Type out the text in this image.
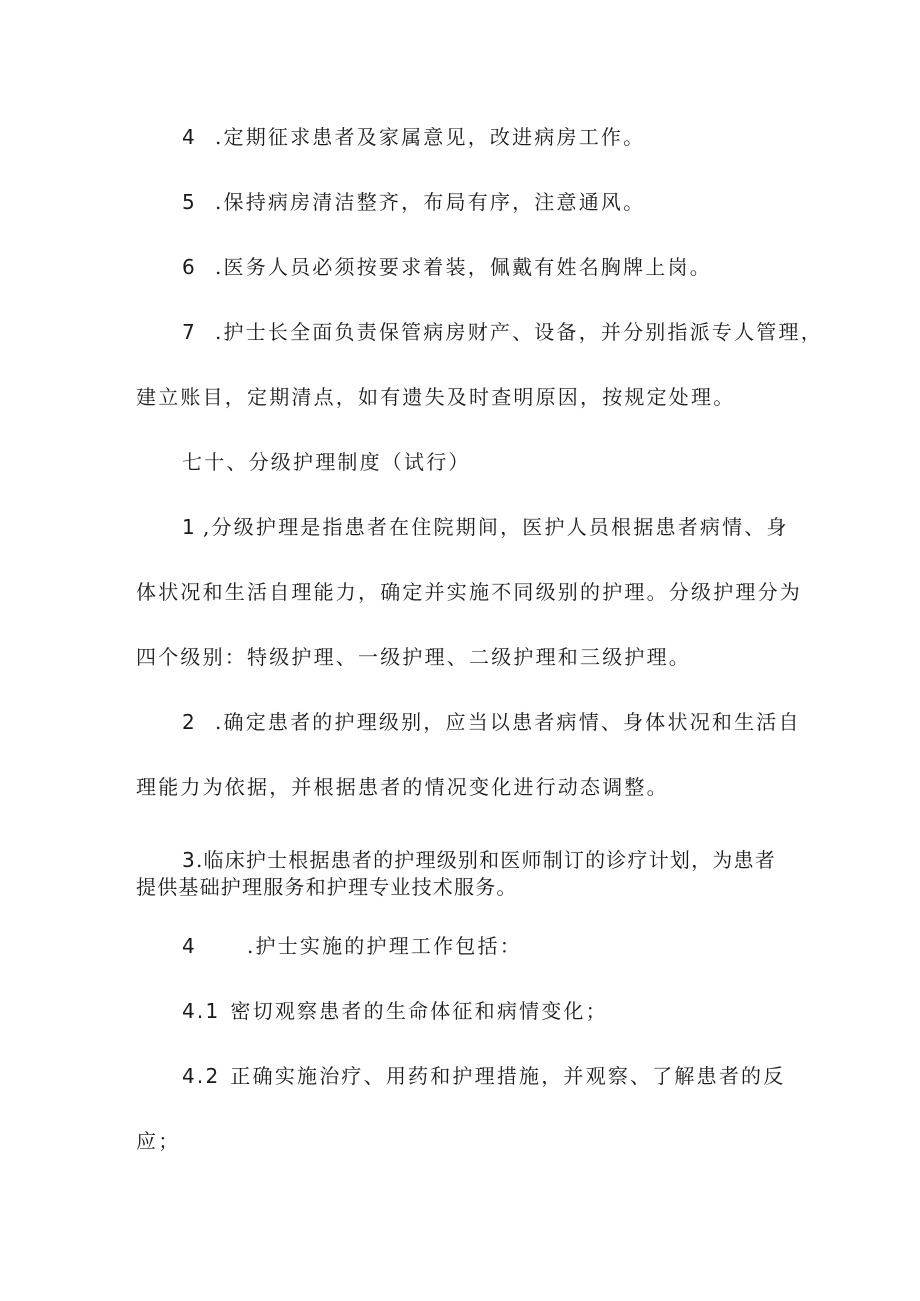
4 .定期征求患者及家属意见，改进病房工作。
5 .保持病房清洁整齐，布局有序，注意通风。
6 .医务人员必须按要求着装，佩戴有姓名胸牌上岗。
7 .护士长全面负责保管病房财产、设备，并分别指派专人管理，
建立账目，定期清点，如有遗失及时查明原因，按规定处理。
七十、分级护理制度（试行）
1 ,分级护理是指患者在住院期间，医护人员根据患者病情、身
体状况和生活自理能力，确定并实施不同级别的护理。分级护理分为
四个级别：特级护理、一级护理、二级护理和三级护理。
2 .确定患者的护理级别，应当以患者病情、身体状况和生活自
理能力为依据，并根据患者的情况变化进行动态调整。
3.临床护士根据患者的护理级别和医师制订的诊疗计划，为患者
提供基础护理服务和护理专业技术服务。
4	.护士实施的护理工作包括：
4.1 密切观察患者的生命体征和病情变化；
4.2 正确实施治疗、用药和护理措施，并观察、了解患者的反
应；
